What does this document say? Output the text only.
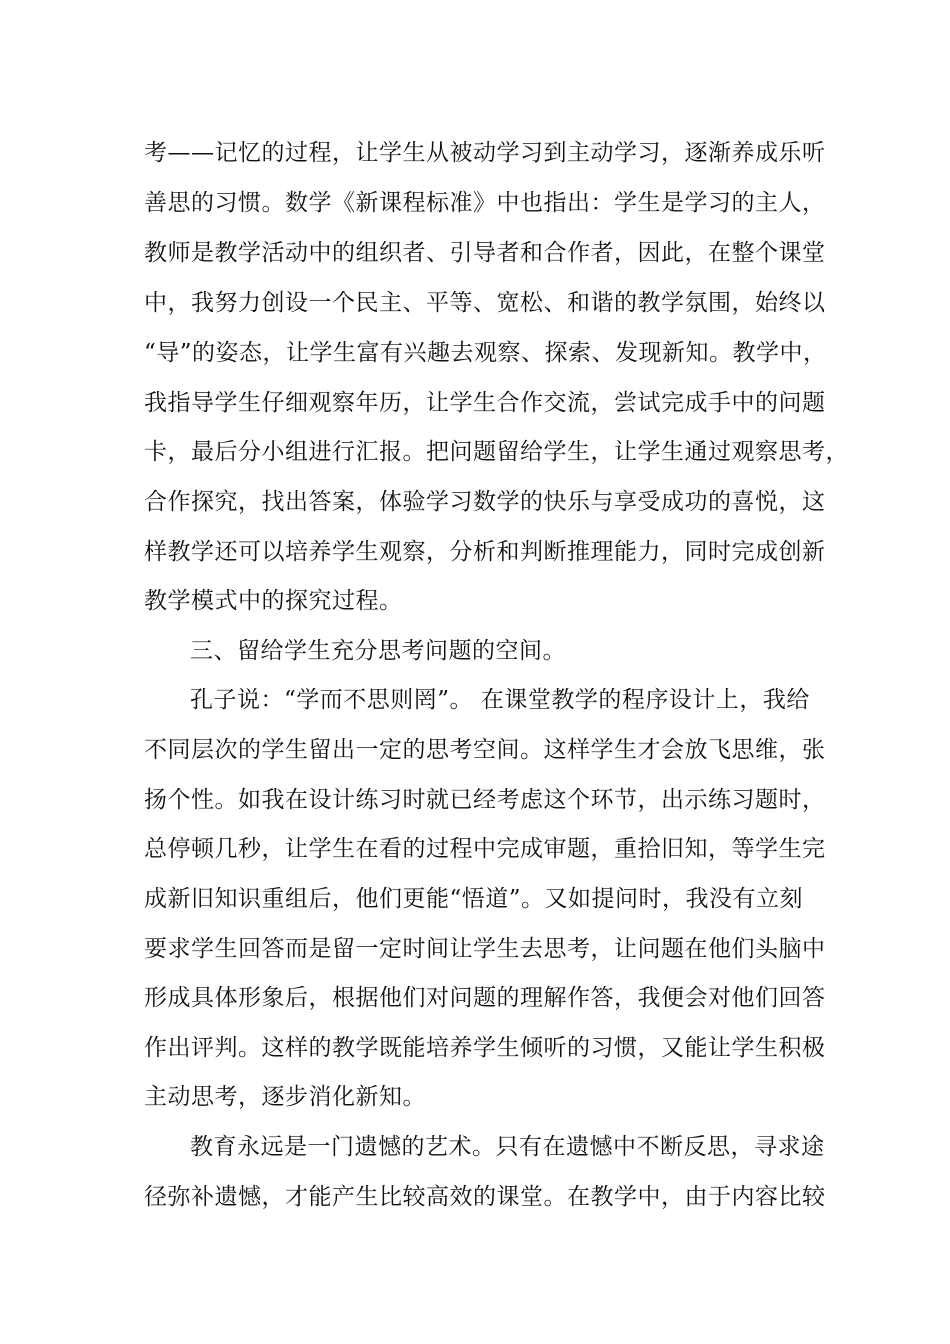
考——记忆的过程，让学生从被动学习到主动学习，逐渐养成乐听
善思的习惯。数学《新课程标准》中也指出：学生是学习的主人，
教师是教学活动中的组织者、引导者和合作者，因此，在整个课堂
中，我努力创设一个民主、平等、宽松、和谐的教学氛围，始终以
“导”的姿态，让学生富有兴趣去观察、探索、发现新知。教学中，
我指导学生仔细观察年历，让学生合作交流，尝试完成手中的问题
卡，最后分小组进行汇报。把问题留给学生，让学生通过观察思考，
合作探究，找出答案，体验学习数学的快乐与享受成功的喜悦，这
样教学还可以培养学生观察，分析和判断推理能力，同时完成创新
教学模式中的探究过程。
三、留给学生充分思考问题的空间。
孔子说：“学而不思则罔”。 在课堂教学的程序设计上，我给
不同层次的学生留出一定的思考空间。这样学生才会放飞思维，张
扬个性。如我在设计练习时就已经考虑这个环节，出示练习题时，
总停顿几秒，让学生在看的过程中完成审题，重拾旧知，等学生完
成新旧知识重组后，他们更能“悟道”。又如提问时，我没有立刻
要求学生回答而是留一定时间让学生去思考，让问题在他们头脑中
形成具体形象后，根据他们对问题的理解作答，我便会对他们回答
作出评判。这样的教学既能培养学生倾听的习惯，又能让学生积极
主动思考，逐步消化新知。
教育永远是一门遗憾的艺术。只有在遗憾中不断反思，寻求途
径弥补遗憾，才能产生比较高效的课堂。在教学中，由于内容比较
